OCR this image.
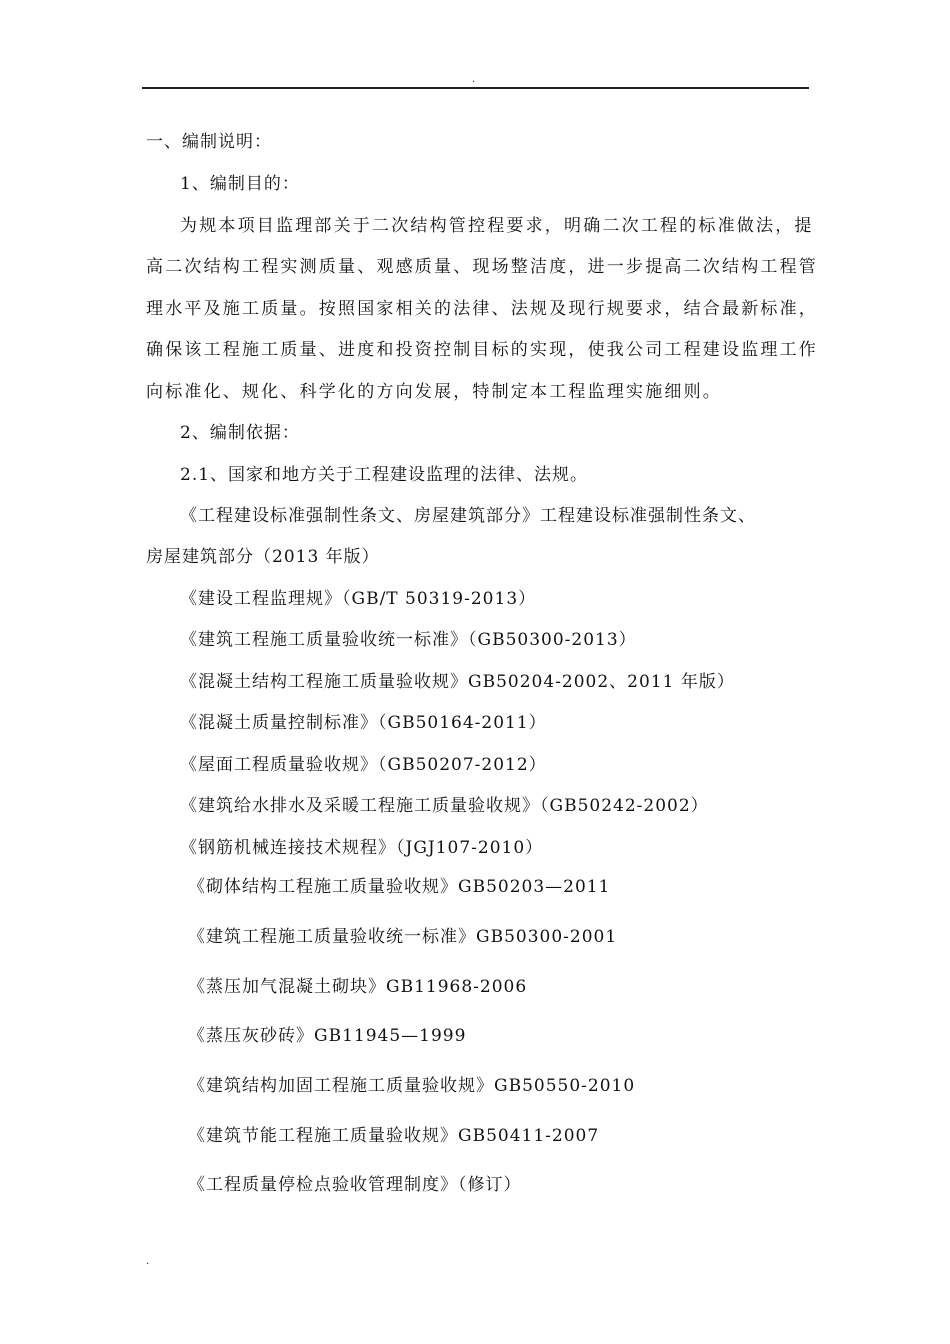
.
一、编制说明：
1、编制目的：
为规本项目监理部关于二次结构管控程要求，明确二次工程的标准做法，提
高二次结构工程实测质量、观感质量、现场整洁度，进一步提高二次结构工程管
理水平及施工质量。按照国家相关的法律、法规及现行规要求，结合最新标准，
确保该工程施工质量、进度和投资控制目标的实现，使我公司工程建设监理工作
向标准化、规化、科学化的方向发展，特制定本工程监理实施细则。
2、编制依据：
2.1、国家和地方关于工程建设监理的法律、法规。
《工程建设标准强制性条文、房屋建筑部分》工程建设标准强制性条文、
房屋建筑部分（2013 年版）
《建设工程监理规》（GB/T 50319-2013）
《建筑工程施工质量验收统一标准》（GB50300-2013）
《混凝土结构工程施工质量验收规》GB50204-2002、2011 年版）
《混凝土质量控制标准》（GB50164-2011）
《屋面工程质量验收规》（GB50207-2012）
《建筑给水排水及采暖工程施工质量验收规》（GB50242-2002）
《钢筋机械连接技术规程》（JGJ107-2010）
《砌体结构工程施工质量验收规》GB50203—2011
《建筑工程施工质量验收统一标准》GB50300-2001
《蒸压加气混凝土砌块》GB11968-2006
《蒸压灰砂砖》GB11945—1999
《建筑结构加固工程施工质量验收规》GB50550-2010
《建筑节能工程施工质量验收规》GB50411-2007
《工程质量停检点验收管理制度》（修订）
.
